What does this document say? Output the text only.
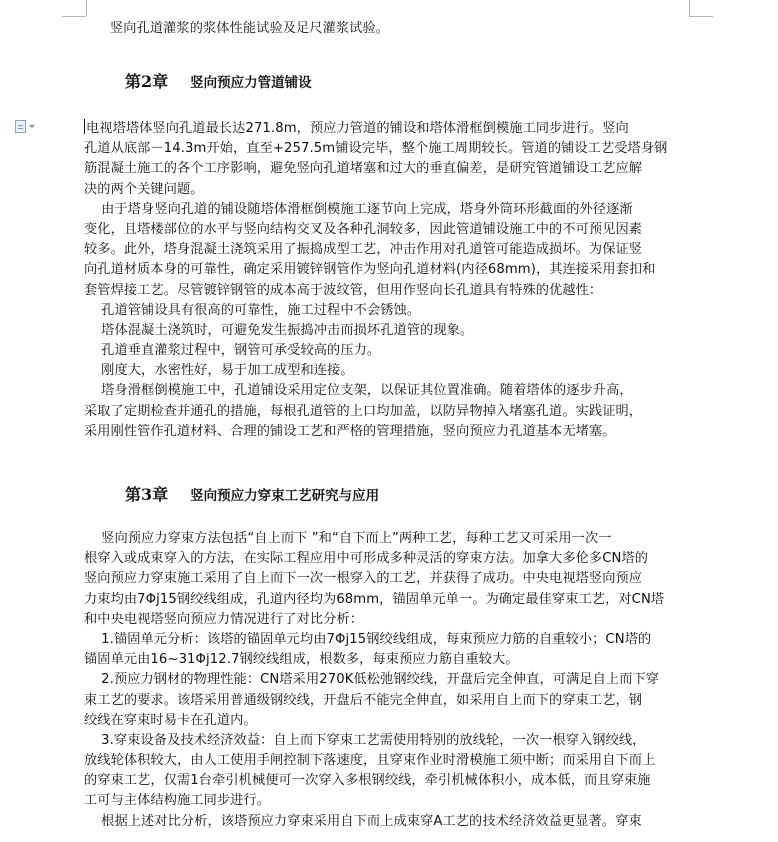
竖向孔道灌浆的浆体性能试验及足尺灌浆试验。
第2章 竖向预应力管道铺设
电视塔塔体竖向孔道最长达271.8m，预应力管道的铺设和塔体滑框倒模施工同步进行。竖向
孔道从底部－14.3m开始，直至+257.5m铺设完毕，整个施工周期较长。管道的铺设工艺受塔身钢
筋混凝土施工的各个工序影响，避免竖向孔道堵塞和过大的垂直偏差，是研究管道铺设工艺应解
决的两个关键问题。
由于塔身竖向孔道的铺设随塔体滑框倒模施工逐节向上完成，塔身外筒环形截面的外径逐渐
变化，且塔楼部位的水平与竖向结构交叉及各种孔洞较多，因此管道铺设施工中的不可预见因素
较多。此外，塔身混凝土浇筑采用了振捣成型工艺，冲击作用对孔道管可能造成损坏。为保证竖
向孔道材质本身的可靠性，确定采用镀锌钢管作为竖向孔道材料(内径68mm)，其连接采用套扣和
套管焊接工艺。尽管镀锌钢管的成本高于波纹管，但用作竖向长孔道具有特殊的优越性：
孔道管铺设具有很高的可靠性，施工过程中不会锈蚀。
塔体混凝土浇筑时，可避免发生振捣冲击而损坏孔道管的现象。
孔道垂直灌浆过程中，钢管可承受较高的压力。
刚度大，水密性好，易于加工成型和连接。
塔身滑框倒模施工中，孔道铺设采用定位支架，以保证其位置准确。随着塔体的逐步升高，
采取了定期检查并通孔的措施，每根孔道管的上口均加盖，以防异物掉入堵塞孔道。实践证明，
采用刚性管作孔道材料、合理的铺设工艺和严格的管理措施，竖向预应力孔道基本无堵塞。
第3章 竖向预应力穿束工艺研究与应用
竖向预应力穿束方法包括“自上而下 ”和“自下而上”两种工艺，每种工艺又可采用一次一
根穿入或成束穿入的方法，在实际工程应用中可形成多种灵活的穿束方法。加拿大多伦多CN塔的
竖向预应力穿束施工采用了自上而下一次一根穿入的工艺，并获得了成功。中央电视塔竖向预应
力束均由7Φj15钢绞线组成，孔道内径均为68mm，锚固单元单一。为确定最佳穿束工艺，对CN塔
和中央电视塔竖向预应力情况进行了对比分析：
1.锚固单元分析：该塔的锚固单元均由7Φj15钢绞线组成，每束预应力筋的自重较小；CN塔的
锚固单元由16~31Φj12.7钢绞线组成，根数多，每束预应力筋自重较大。
2.预应力钢材的物理性能：CN塔采用270K低松弛钢绞线，开盘后完全伸直，可满足自上而下穿
束工艺的要求。该塔采用普通级钢绞线，开盘后不能完全伸直，如采用自上而下的穿束工艺，钢
绞线在穿束时易卡在孔道内。
3.穿束设备及技术经济效益：自上而下穿束工艺需使用特别的放线轮，一次一根穿入钢绞线，
放线轮体积较大，由人工使用手闸控制下落速度，且穿束作业时滑模施工须中断；而采用自下而上
的穿束工艺，仅需1台牵引机械便可一次穿入多根钢绞线，牵引机械体积小，成本低，而且穿束施
工可与主体结构施工同步进行。
根据上述对比分析，该塔预应力穿束采用自下而上成束穿A工艺的技术经济效益更显著。穿束
